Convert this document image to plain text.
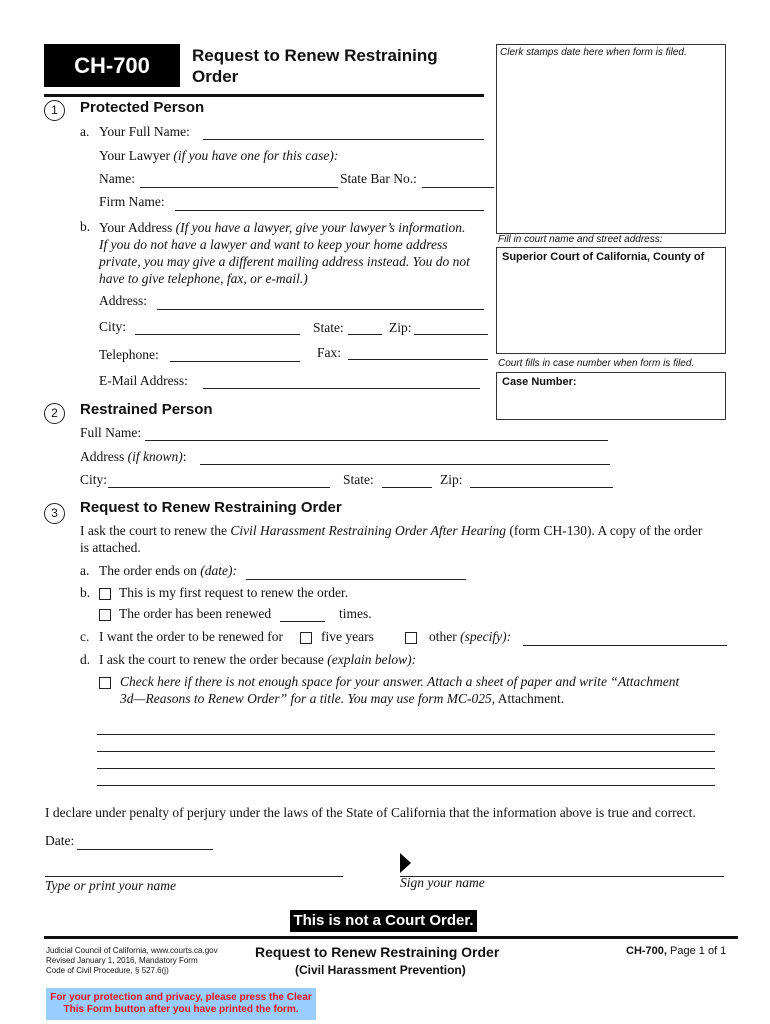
CH-700	Request to Renew Restraining
Order
Clerk stamps date here when form is filed.
Fill in court name and street address:
Superior Court of California, County of
Court fills in case number when form is filed.
Case Number:
1	Protected Person
a. Your Full Name:
Your Lawyer (if you have one for this case):
Name:	State Bar No.:
Firm Name:
b. Your Address (If you have a lawyer, give your lawyer’s information.
If you do not have a lawyer and want to keep your home address
private, you may give a different mailing address instead. You do not
have to give telephone, fax, or e-mail.)
Address:
City:	State:	Zip:
Telephone:	Fax:
E-Mail Address:
2	Restrained Person
Full Name:
Address (if known):
City:	State:	Zip:
3	Request to Renew Restraining Order
I ask the court to renew the Civil Harassment Restraining Order After Hearing (form CH-130). A copy of the order
is attached.
a. The order ends on (date):
b. This is my first request to renew the order.
The order has been renewed	times.
c. I want the order to be renewed for	five years	other (specify):
d. I ask the court to renew the order because (explain below):
Check here if there is not enough space for your answer. Attach a sheet of paper and write “Attachment
3d—Reasons to Renew Order” for a title. You may use form MC-025, Attachment.
I declare under penalty of perjury under the laws of the State of California that the information above is true and correct.
Date:
Type or print your name	Sign your name
This is not a Court Order.
Judicial Council of California, www.courts.ca.gov
Revised January 1, 2016, Mandatory Form
Code of Civil Procedure, § 527.6(j)
Request to Renew Restraining Order
(Civil Harassment Prevention)
CH-700, Page 1 of 1
For your protection and privacy, please press the Clear
This Form button after you have printed the form.
